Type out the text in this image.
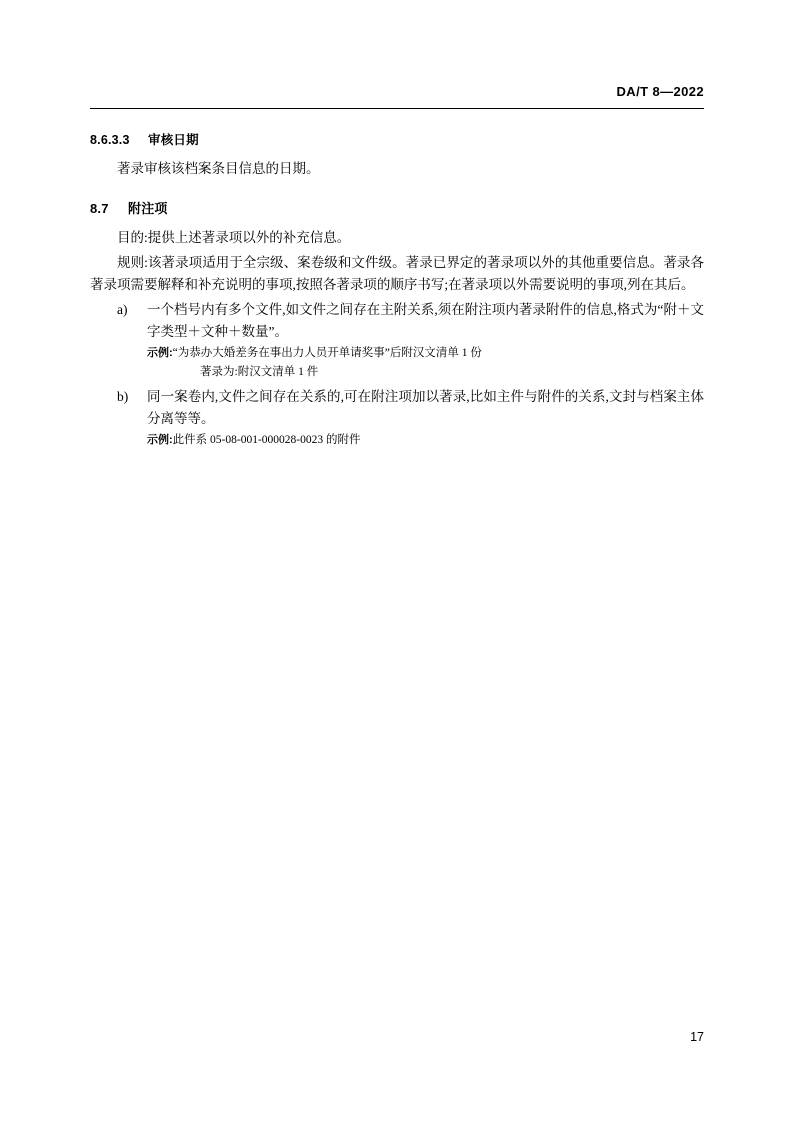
DA/T 8—2022
8.6.3.3 审核日期

著录审核该档案条目信息的日期。

8.7 附注项

目的:提供上述著录项以外的补充信息。

规则:该著录项适用于全宗级、案卷级和文件级。著录已界定的著录项以外的其他重要信息。著录各著录项需要解释和补充说明的事项,按照各著录项的顺序书写;在著录项以外需要说明的事项,列在其后。

a) 一个档号内有多个文件,如文件之间存在主附关系,须在附注项内著录附件的信息,格式为“附＋文字类型＋文种＋数量”。
示例:“为恭办大婚差务在事出力人员开单请奖事”后附汉文清单 1 份
著录为:附汉文清单 1 件
b) 同一案卷内,文件之间存在关系的,可在附注项加以著录,比如主件与附件的关系,文封与档案主体分离等等。
示例:此件系 05-08-001-000028-0023 的附件
17
